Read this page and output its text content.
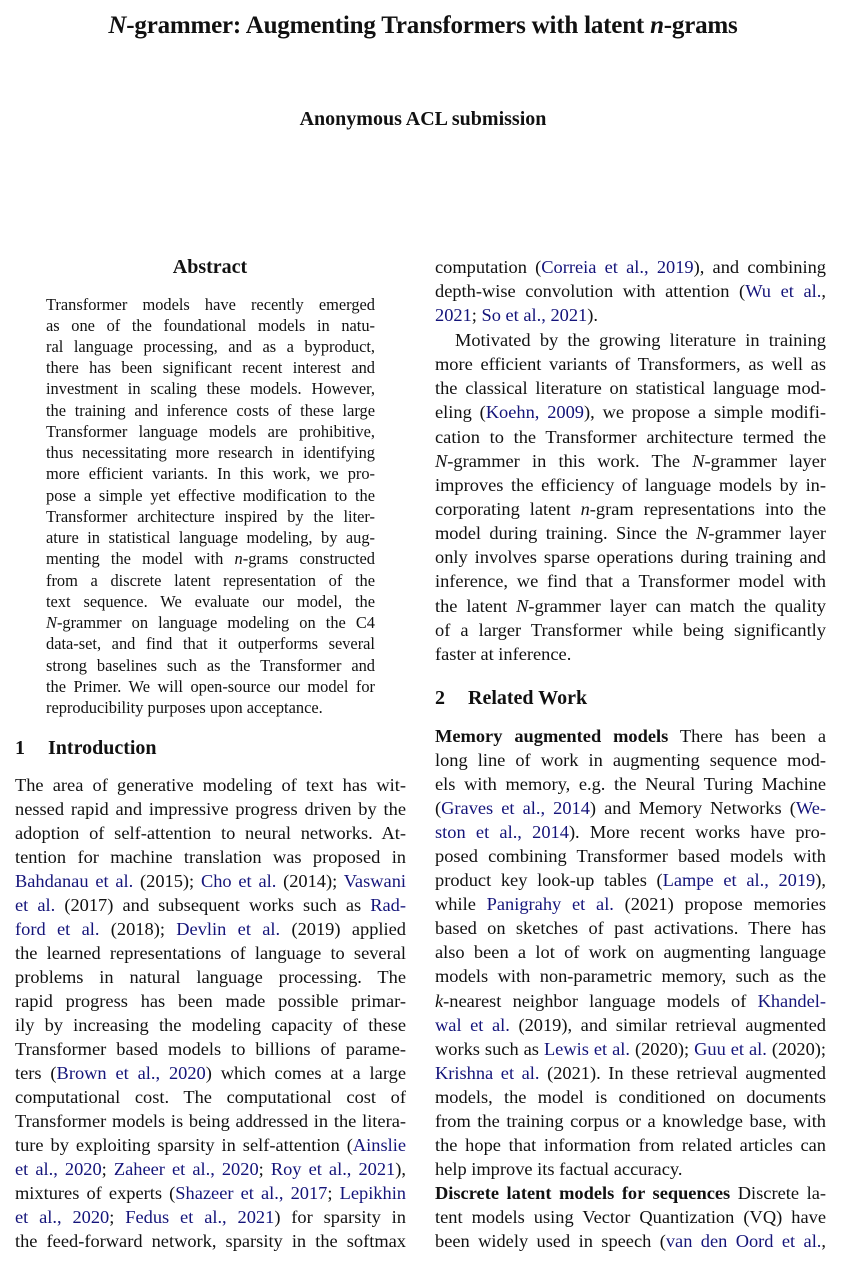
N-grammer: Augmenting Transformers with latent n-grams
Anonymous ACL submission
Abstract
Transformer models have recently emerged
as one of the foundational models in natu-
ral language processing, and as a byproduct,
there has been significant recent interest and
investment in scaling these models. However,
the training and inference costs of these large
Transformer language models are prohibitive,
thus necessitating more research in identifying
more efficient variants. In this work, we pro-
pose a simple yet effective modification to the
Transformer architecture inspired by the liter-
ature in statistical language modeling, by aug-
menting the model with n-grams constructed
from a discrete latent representation of the
text sequence. We evaluate our model, the
N-grammer on language modeling on the C4
data-set, and find that it outperforms several
strong baselines such as the Transformer and
the Primer. We will open-source our model for
reproducibility purposes upon acceptance.
1 Introduction
The area of generative modeling of text has wit-
nessed rapid and impressive progress driven by the
adoption of self-attention to neural networks. At-
tention for machine translation was proposed in
Bahdanau et al. (2015); Cho et al. (2014); Vaswani
et al. (2017) and subsequent works such as Rad-
ford et al. (2018); Devlin et al. (2019) applied
the learned representations of language to several
problems in natural language processing. The
rapid progress has been made possible primar-
ily by increasing the modeling capacity of these
Transformer based models to billions of parame-
ters (Brown et al., 2020) which comes at a large
computational cost. The computational cost of
Transformer models is being addressed in the litera-
ture by exploiting sparsity in self-attention (Ainslie
et al., 2020; Zaheer et al., 2020; Roy et al., 2021),
mixtures of experts (Shazeer et al., 2017; Lepikhin
et al., 2020; Fedus et al., 2021) for sparsity in
the feed-forward network, sparsity in the softmax
computation (Correia et al., 2019), and combining
depth-wise convolution with attention (Wu et al.,
2021; So et al., 2021).
Motivated by the growing literature in training
more efficient variants of Transformers, as well as
the classical literature on statistical language mod-
eling (Koehn, 2009), we propose a simple modifi-
cation to the Transformer architecture termed the
N-grammer in this work. The N-grammer layer
improves the efficiency of language models by in-
corporating latent n-gram representations into the
model during training. Since the N-grammer layer
only involves sparse operations during training and
inference, we find that a Transformer model with
the latent N-grammer layer can match the quality
of a larger Transformer while being significantly
faster at inference.
2 Related Work
Memory augmented models There has been a
long line of work in augmenting sequence mod-
els with memory, e.g. the Neural Turing Machine
(Graves et al., 2014) and Memory Networks (We-
ston et al., 2014). More recent works have pro-
posed combining Transformer based models with
product key look-up tables (Lampe et al., 2019),
while Panigrahy et al. (2021) propose memories
based on sketches of past activations. There has
also been a lot of work on augmenting language
models with non-parametric memory, such as the
k-nearest neighbor language models of Khandel-
wal et al. (2019), and similar retrieval augmented
works such as Lewis et al. (2020); Guu et al. (2020);
Krishna et al. (2021). In these retrieval augmented
models, the model is conditioned on documents
from the training corpus or a knowledge base, with
the hope that information from related articles can
help improve its factual accuracy.
Discrete latent models for sequences Discrete la-
tent models using Vector Quantization (VQ) have
been widely used in speech (van den Oord et al.,
